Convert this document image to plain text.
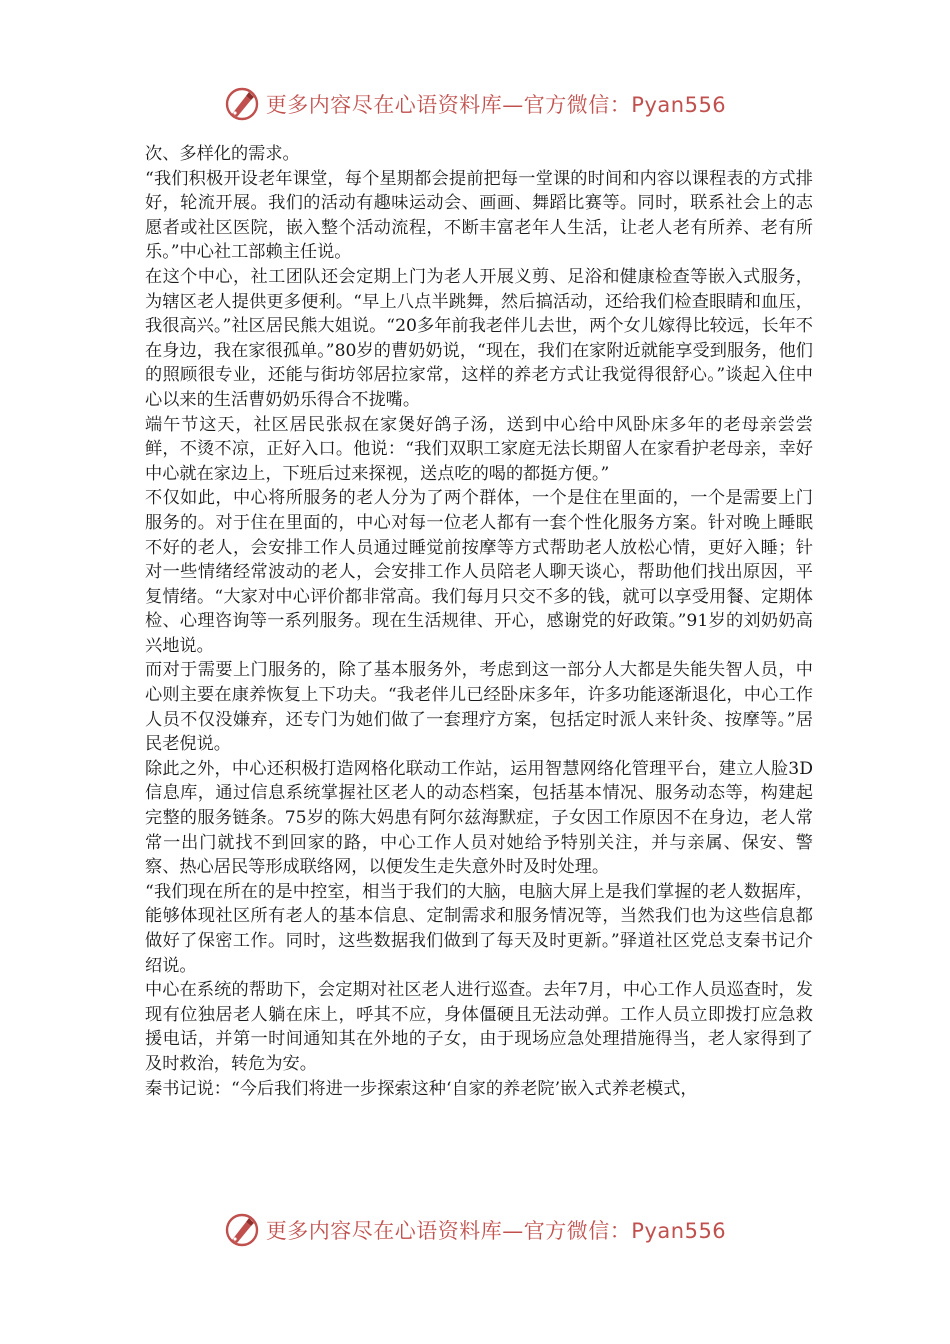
更多内容尽在心语资料库—官方微信：Pyan556

次、多样化的需求。

“我们积极开设老年课堂，每个星期都会提前把每一堂课的时间和内容以课程表的方式排好，轮流开展。我们的活动有趣味运动会、画画、舞蹈比赛等。同时，联系社会上的志愿者或社区医院，嵌入整个活动流程，不断丰富老年人生活，让老人老有所养、老有所乐。”中心社工部赖主任说。

在这个中心，社工团队还会定期上门为老人开展义剪、足浴和健康检查等嵌入式服务，为辖区老人提供更多便利。“早上八点半跳舞，然后搞活动，还给我们检查眼睛和血压，我很高兴。”社区居民熊大姐说。“20多年前我老伴儿去世，两个女儿嫁得比较远，长年不在身边，我在家很孤单。”80岁的曹奶奶说，“现在，我们在家附近就能享受到服务，他们的照顾很专业，还能与街坊邻居拉家常，这样的养老方式让我觉得很舒心。”谈起入住中心以来的生活曹奶奶乐得合不拢嘴。

端午节这天，社区居民张叔在家煲好鸽子汤，送到中心给中风卧床多年的老母亲尝尝鲜，不烫不凉，正好入口。他说：“我们双职工家庭无法长期留人在家看护老母亲，幸好中心就在家边上，下班后过来探视，送点吃的喝的都挺方便。”

不仅如此，中心将所服务的老人分为了两个群体，一个是住在里面的，一个是需要上门服务的。对于住在里面的，中心对每一位老人都有一套个性化服务方案。针对晚上睡眠不好的老人，会安排工作人员通过睡觉前按摩等方式帮助老人放松心情，更好入睡；针对一些情绪经常波动的老人，会安排工作人员陪老人聊天谈心，帮助他们找出原因，平复情绪。“大家对中心评价都非常高。我们每月只交不多的钱，就可以享受用餐、定期体检、心理咨询等一系列服务。现在生活规律、开心，感谢党的好政策。”91岁的刘奶奶高兴地说。

而对于需要上门服务的，除了基本服务外，考虑到这一部分人大都是失能失智人员，中心则主要在康养恢复上下功夫。“我老伴儿已经卧床多年，许多功能逐渐退化，中心工作人员不仅没嫌弃，还专门为她们做了一套理疗方案，包括定时派人来针灸、按摩等。”居民老倪说。

除此之外，中心还积极打造网格化联动工作站，运用智慧网络化管理平台，建立人脸3D信息库，通过信息系统掌握社区老人的动态档案，包括基本情况、服务动态等，构建起完整的服务链条。75岁的陈大妈患有阿尔兹海默症，子女因工作原因不在身边，老人常常一出门就找不到回家的路，中心工作人员对她给予特别关注，并与亲属、保安、警察、热心居民等形成联络网，以便发生走失意外时及时处理。

“我们现在所在的是中控室，相当于我们的大脑，电脑大屏上是我们掌握的老人数据库，能够体现社区所有老人的基本信息、定制需求和服务情况等，当然我们也为这些信息都做好了保密工作。同时，这些数据我们做到了每天及时更新。”驿道社区党总支秦书记介绍说。

中心在系统的帮助下，会定期对社区老人进行巡查。去年7月，中心工作人员巡查时，发现有位独居老人躺在床上，呼其不应，身体僵硬且无法动弹。工作人员立即拨打应急救援电话，并第一时间通知其在外地的子女，由于现场应急处理措施得当，老人家得到了及时救治，转危为安。

秦书记说：“今后我们将进一步探索这种‘自家的养老院’嵌入式养老模式，

更多内容尽在心语资料库—官方微信：Pyan556
